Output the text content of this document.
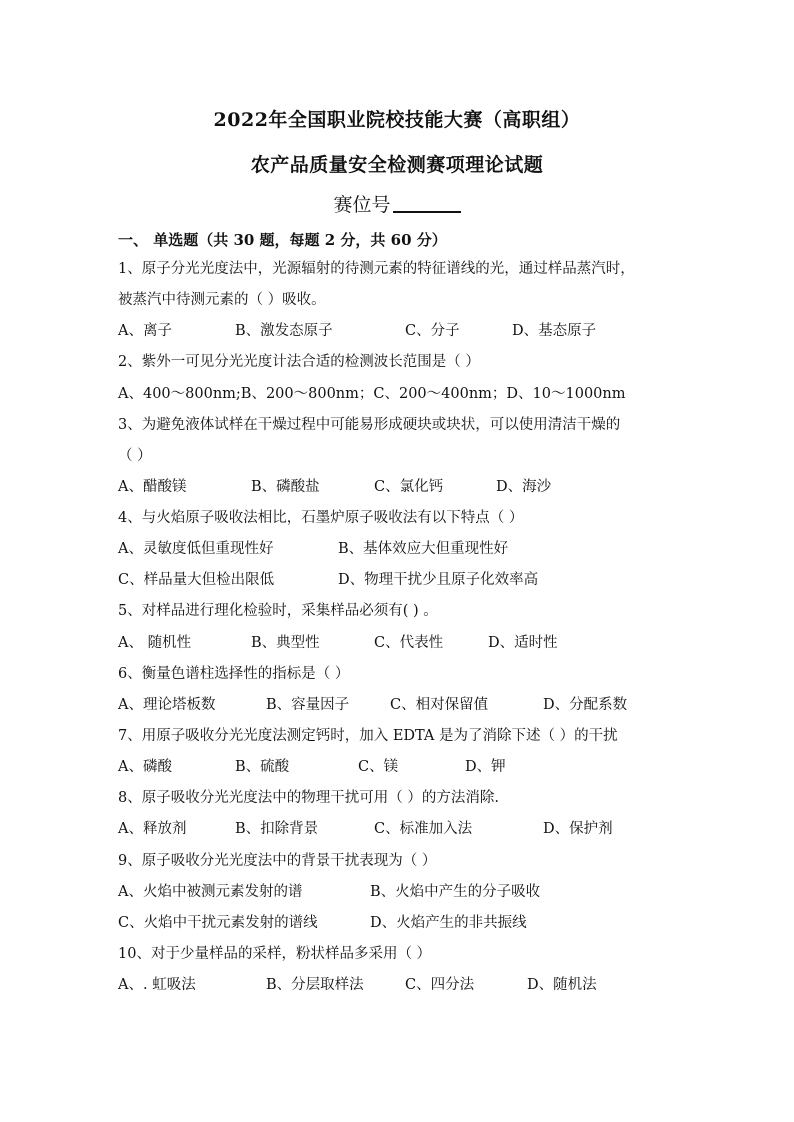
2022年全国职业院校技能大赛（高职组）
农产品质量安全检测赛项理论试题
赛位号
一、 单选题（共 30 题，每题 2 分，共 60 分）
1、原子分光光度法中，光源辐射的待测元素的特征谱线的光，通过样品蒸汽时，
被蒸汽中待测元素的（ ）吸收。
A、离子	B、激发态原子	C、分子	D、基态原子
2、紫外一可见分光光度计法合适的检测波长范围是（ ）
A、400～800nm;B、200～800nm；C、200～400nm；D、10～1000nm
3、为避免液体试样在干燥过程中可能易形成硬块或块状，可以使用清洁干燥的
（ ）
A、醋酸镁	B、磷酸盐	C、氯化钙	D、海沙
4、与火焰原子吸收法相比，石墨炉原子吸收法有以下特点（ ）
A、灵敏度低但重现性好	B、基体效应大但重现性好
C、样品量大但检出限低	D、物理干扰少且原子化效率高
5、对样品进行理化检验时，采集样品必须有( ) 。
A、 随机性	B、典型性	C、代表性	D、适时性
6、衡量色谱柱选择性的指标是（ ）
A、理论塔板数	B、容量因子	C、相对保留值	D、分配系数
7、用原子吸收分光光度法测定钙时，加入 EDTA 是为了消除下述（ ）的干扰
A、磷酸	B、硫酸	C、镁	D、钾
8、原子吸收分光光度法中的物理干扰可用（ ）的方法消除.
A、释放剂	B、扣除背景	C、标准加入法	D、保护剂
9、原子吸收分光光度法中的背景干扰表现为（ ）
A、火焰中被测元素发射的谱	B、火焰中产生的分子吸收
C、火焰中干扰元素发射的谱线	D、火焰产生的非共振线
10、对于少量样品的采样，粉状样品多采用（ ）
A、. 虹吸法	B、分层取样法	C、四分法	D、随机法
